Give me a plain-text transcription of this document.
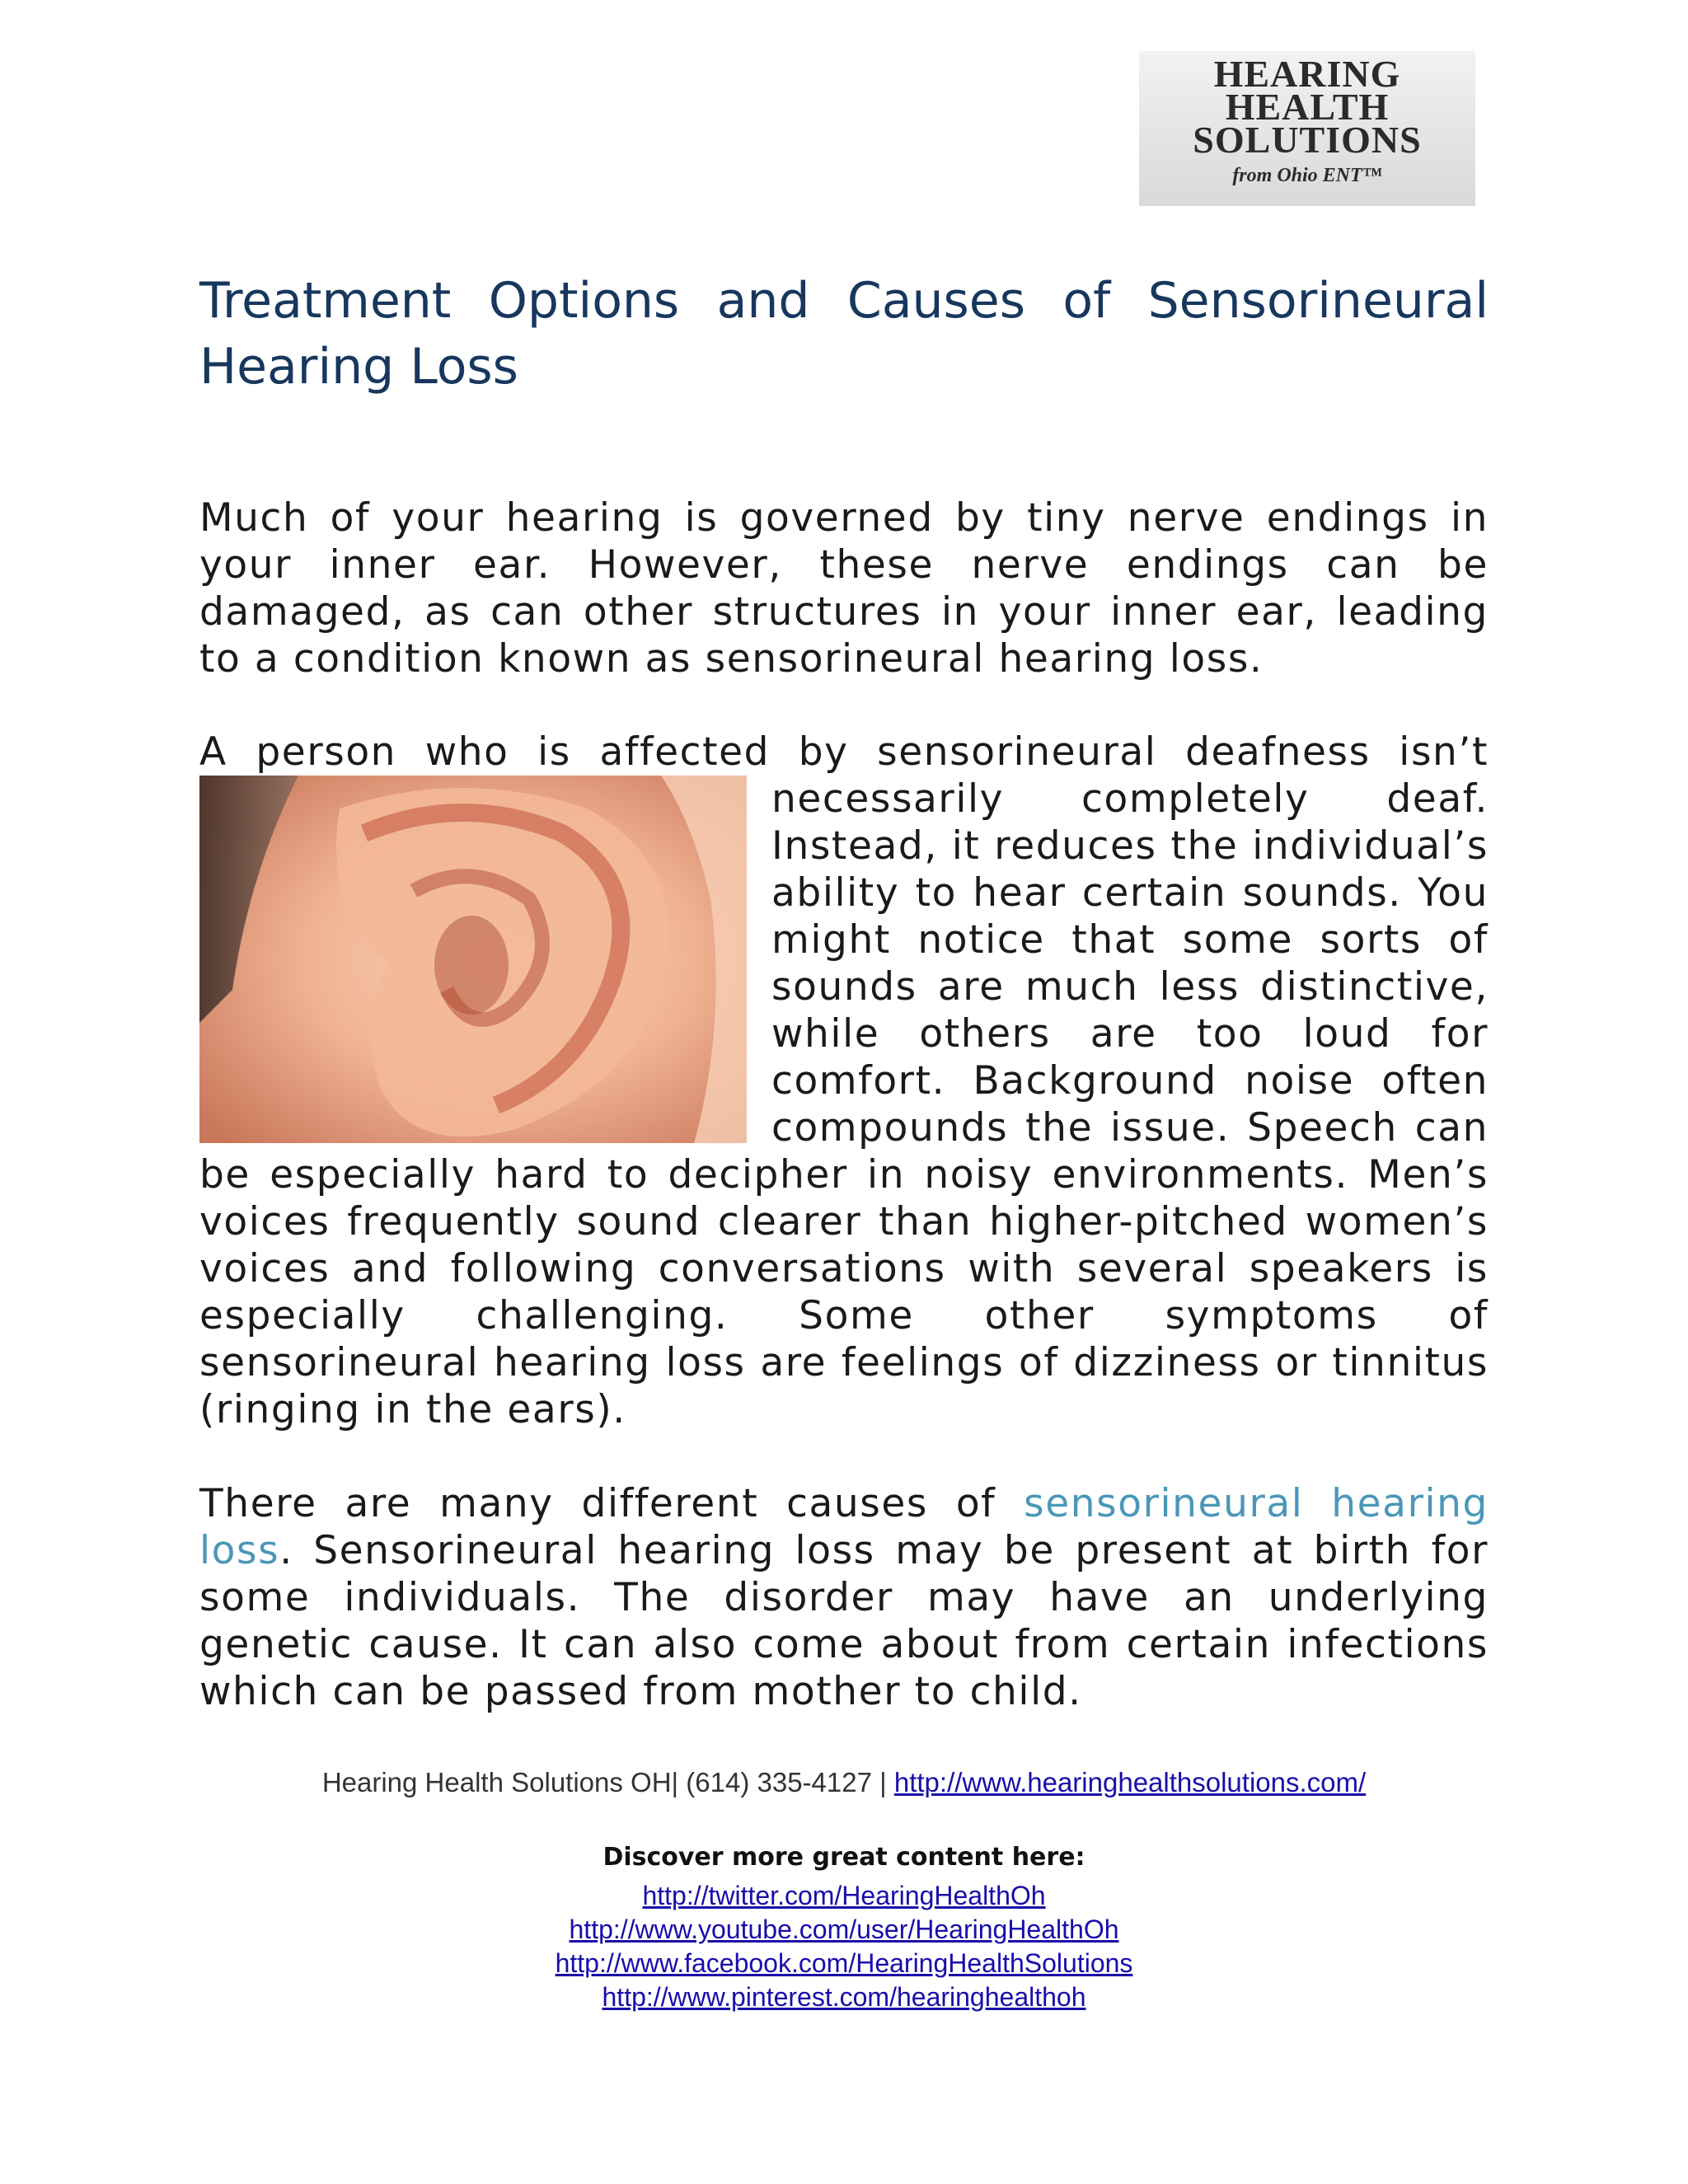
HEARING
HEALTH
SOLUTIONS
from Ohio ENT™
Treatment Options and Causes of Sensorineural Hearing Loss

Much of your hearing is governed by tiny nerve endings in your inner ear. However, these nerve endings can be damaged, as can other structures in your inner ear, leading to a condition known as sensorineural hearing loss.

A person who is affected by sensorineural deafness isn’t
necessarily completely deaf. Instead, it reduces the individual’s ability to hear certain sounds. You might notice that some sorts of sounds are much less distinctive, while others are too loud for comfort. Background noise often compounds the issue. Speech can be especially hard to decipher in noisy environments. Men’s voices frequently sound clearer than higher-pitched women’s voices and following conversations with several speakers is especially challenging. Some other symptoms of sensorineural hearing loss are feelings of dizziness or tinnitus (ringing in the ears).

There are many different causes of sensorineural hearing loss. Sensorineural hearing loss may be present at birth for some individuals. The disorder may have an underlying genetic cause. It can also come about from certain infections which can be passed from mother to child.

Hearing Health Solutions OH| (614) 335-4127 | http://www.hearinghealthsolutions.com/
Discover more great content here:
http://twitter.com/HearingHealthOh
http://www.youtube.com/user/HearingHealthOh
http://www.facebook.com/HearingHealthSolutions
http://www.pinterest.com/hearinghealthoh
